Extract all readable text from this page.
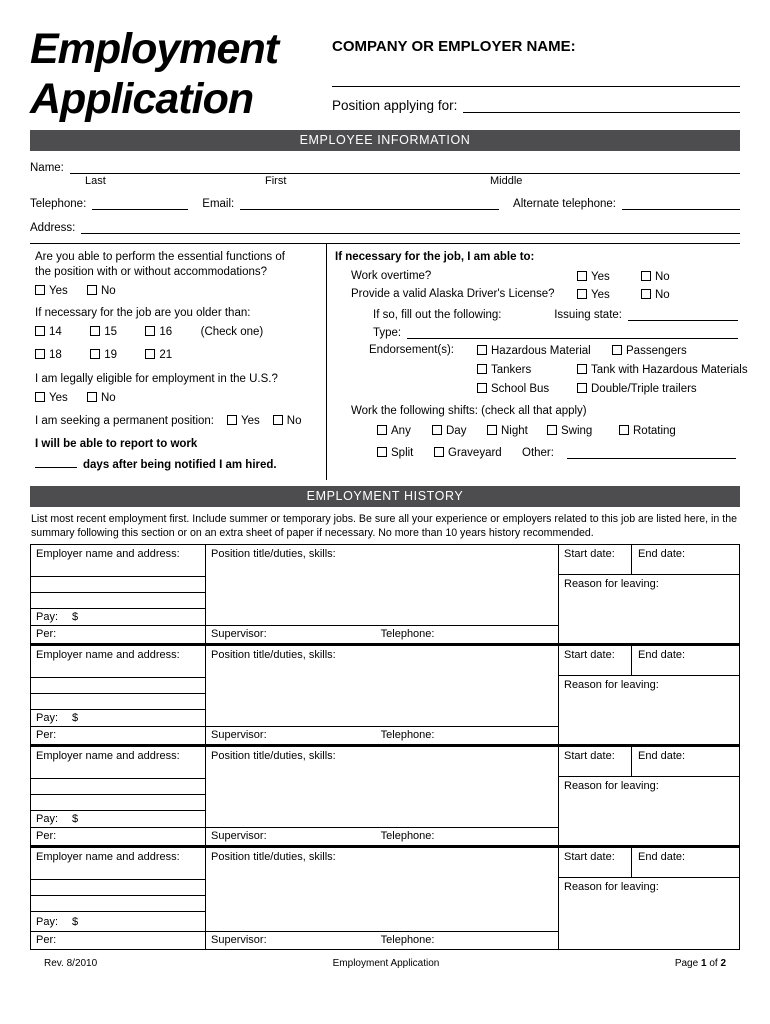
Employment
Application
COMPANY OR EMPLOYER NAME:
Position applying for:
EMPLOYEE INFORMATION
Name:
Last	First	Middle
Telephone:	Email:	Alternate telephone:
Address:
Are you able to perform the essential functions of
the position with or without accommodations?
Yes	No
If necessary for the job are you older than:
14	15	16 (Check one)
18	19	21
I am legally eligible for employment in the U.S.?
Yes	No
I am seeking a permanent position:	Yes	No
I will be able to report to work
days after being notified I am hired.
If necessary for the job, I am able to:
Work overtime?	Yes	No
Provide a valid Alaska Driver's License?	Yes	No
If so, fill out the following:	Issuing state:
Type:
Endorsement(s):	Hazardous Material	Passengers
Tankers	Tank with Hazardous Materials
School Bus	Double/Triple trailers
Work the following shifts: (check all that apply)
Any	Day	Night	Swing	Rotating
Split	Graveyard Other:
EMPLOYMENT HISTORY
List most recent employment first. Include summer or temporary jobs. Be sure all your experience or employers related to this job are listed here, in the summary following this section or on an extra sheet of paper if necessary. No more than 10 years history recommended.
Employer name and address:
Pay: $
Per:
Position title/duties, skills:
Supervisor:	Telephone:
Start date:	End date:
Reason for leaving:
Employer name and address:
Pay: $
Per:
Position title/duties, skills:
Supervisor:	Telephone:
Start date:	End date:
Reason for leaving:
Employer name and address:
Pay: $
Per:
Position title/duties, skills:
Supervisor:	Telephone:
Start date:	End date:
Reason for leaving:
Employer name and address:
Pay: $
Per:
Position title/duties, skills:
Supervisor:	Telephone:
Start date:	End date:
Reason for leaving:
Rev. 8/2010	Employment Application	Page 1 of 2
